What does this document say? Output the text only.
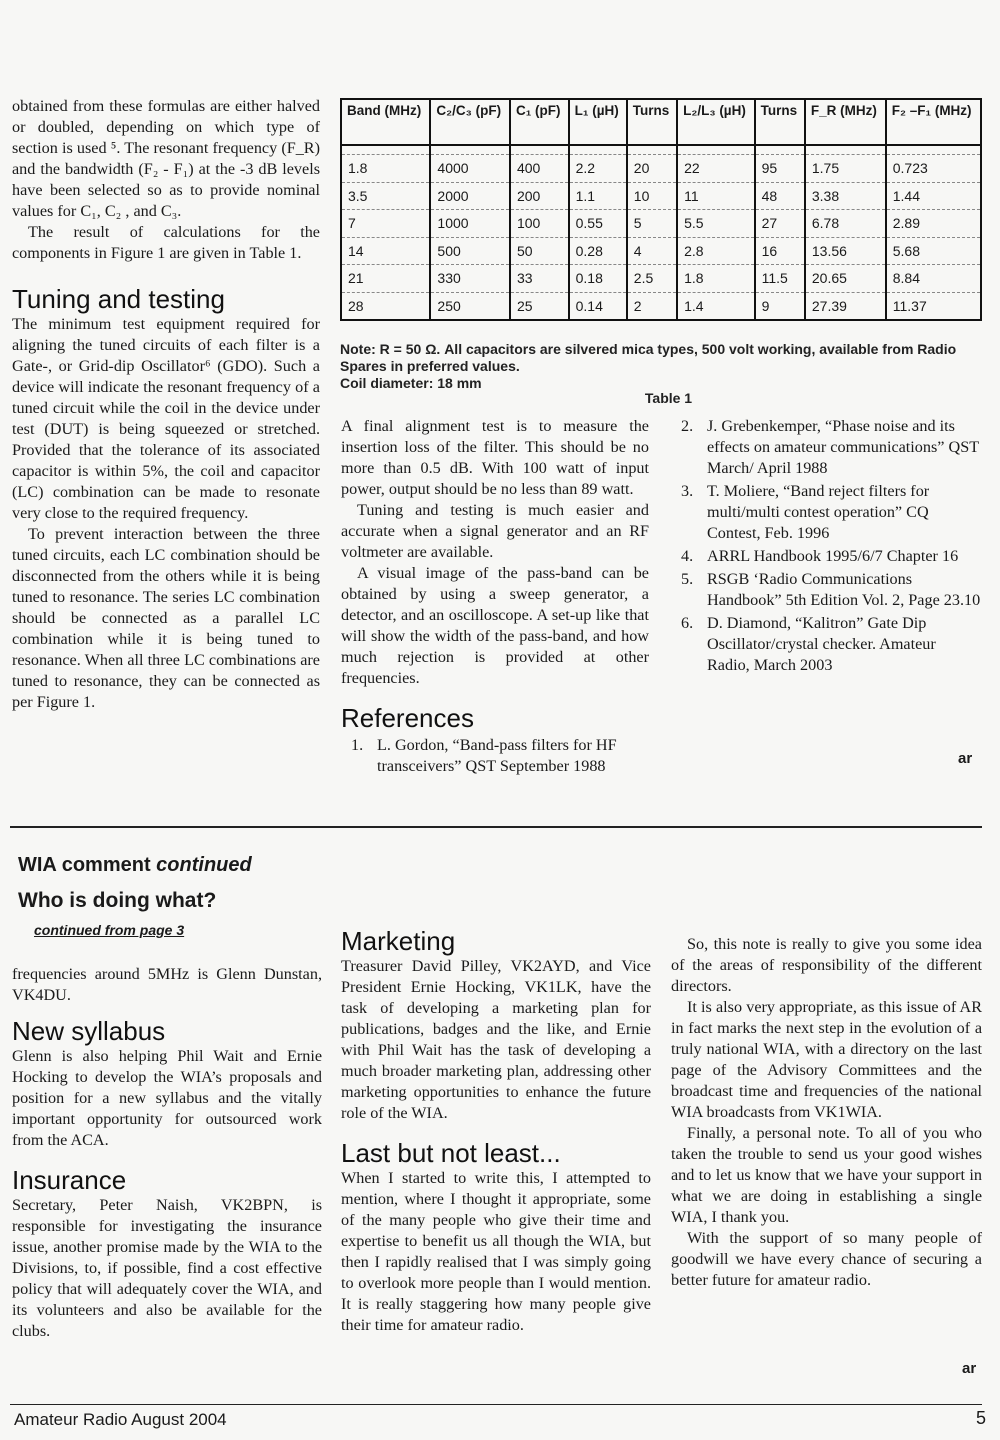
obtained from these formulas are either halved or doubled, depending on which type of section is used ⁵. The resonant frequency (F_R) and the bandwidth (F₂ - F₁) at the -3 dB levels have been selected so as to provide nominal values for C₁, C₂ , and C₃.

The result of calculations for the components in Figure 1 are given in Table 1.

Tuning and testing

The minimum test equipment required for aligning the tuned circuits of each filter is a Gate-, or Grid-dip Oscillator⁶ (GDO). Such a device will indicate the resonant frequency of a tuned circuit while the coil in the device under test (DUT) is being squeezed or stretched. Provided that the tolerance of its associated capacitor is within 5%, the coil and capacitor (LC) combination can be made to resonate very close to the required frequency.

To prevent interaction between the three tuned circuits, each LC combination should be disconnected from the others while it is being tuned to resonance. The series LC combination should be connected as a parallel LC combination while it is being tuned to resonance. When all three LC combinations are tuned to resonance, they can be connected as per Figure 1.

Band (MHz)	C₂/C₃ (pF)	C₁ (pF)	L₁ (µH)	Turns	L₂/L₃ (µH)	Turns	F_R (MHz)	F₂ –F₁ (MHz)

1.8	4000	400	2.2	20	22	95	1.75	0.723
3.5	2000	200	1.1	10	11	48	3.38	1.44
7	1000	100	0.55	5	5.5	27	6.78	2.89
14	500	50	0.28	4	2.8	16	13.56	5.68
21	330	33	0.18	2.5	1.8	11.5	20.65	8.84
28	250	25	0.14	2	1.4	9	27.39	11.37

Note: R = 50 Ω. All capacitors are silvered mica types, 500 volt working, available from Radio Spares in preferred values.

Coil diameter: 18 mm

Table 1

A final alignment test is to measure the insertion loss of the filter. This should be no more than 0.5 dB. With 100 watt of input power, output should be no less than 89 watt.

Tuning and testing is much easier and accurate when a signal generator and an RF voltmeter are available.

A visual image of the pass-band can be obtained by using a sweep generator, a detector, and an oscilloscope. A set-up like that will show the width of the pass-band, and how much rejection is provided at other frequencies.

References
1. L. Gordon, “Band-pass filters for HF transceivers” QST September 1988
2. J. Grebenkemper, “Phase noise and its effects on amateur communications” QST March/ April 1988
3. T. Moliere, “Band reject filters for multi/multi contest operation” CQ Contest, Feb. 1996
4. ARRL Handbook 1995/6/7 Chapter 16
5. RSGB ‘Radio Communications Handbook” 5th Edition Vol. 2, Page 23.10
6. D. Diamond, “Kalitron” Gate Dip Oscillator/crystal checker. Amateur Radio, March 2003
ar
WIA comment continued
Who is doing what?
continued from page 3

frequencies around 5MHz is Glenn Dunstan, VK4DU.

New syllabus

Glenn is also helping Phil Wait and Ernie Hocking to develop the WIA’s proposals and position for a new syllabus and the vitally important opportunity for outsourced work from the ACA.

Insurance

Secretary, Peter Naish, VK2BPN, is responsible for investigating the insurance issue, another promise made by the WIA to the Divisions, to, if possible, find a cost effective policy that will adequately cover the WIA, and its volunteers and also be available for the clubs.

Marketing

Treasurer David Pilley, VK2AYD, and Vice President Ernie Hocking, VK1LK, have the task of developing a marketing plan for publications, badges and the like, and Ernie with Phil Wait has the task of developing a much broader marketing plan, addressing other marketing opportunities to enhance the future role of the WIA.

Last but not least...

When I started to write this, I attempted to mention, where I thought it appropriate, some of the many people who give their time and expertise to benefit us all though the WIA, but then I rapidly realised that I was simply going to overlook more people than I would mention. It is really staggering how many people give their time for amateur radio.

So, this note is really to give you some idea of the areas of responsibility of the different directors.

It is also very appropriate, as this issue of AR in fact marks the next step in the evolution of a truly national WIA, with a directory on the last page of the Advisory Committees and the broadcast time and frequencies of the national WIA broadcasts from VK1WIA.

Finally, a personal note. To all of you who taken the trouble to send us your good wishes and to let us know that we have your support in what we are doing in establishing a single WIA, I thank you.

With the support of so many people of goodwill we have every chance of securing a better future for amateur radio.

ar
Amateur Radio August 2004	5
